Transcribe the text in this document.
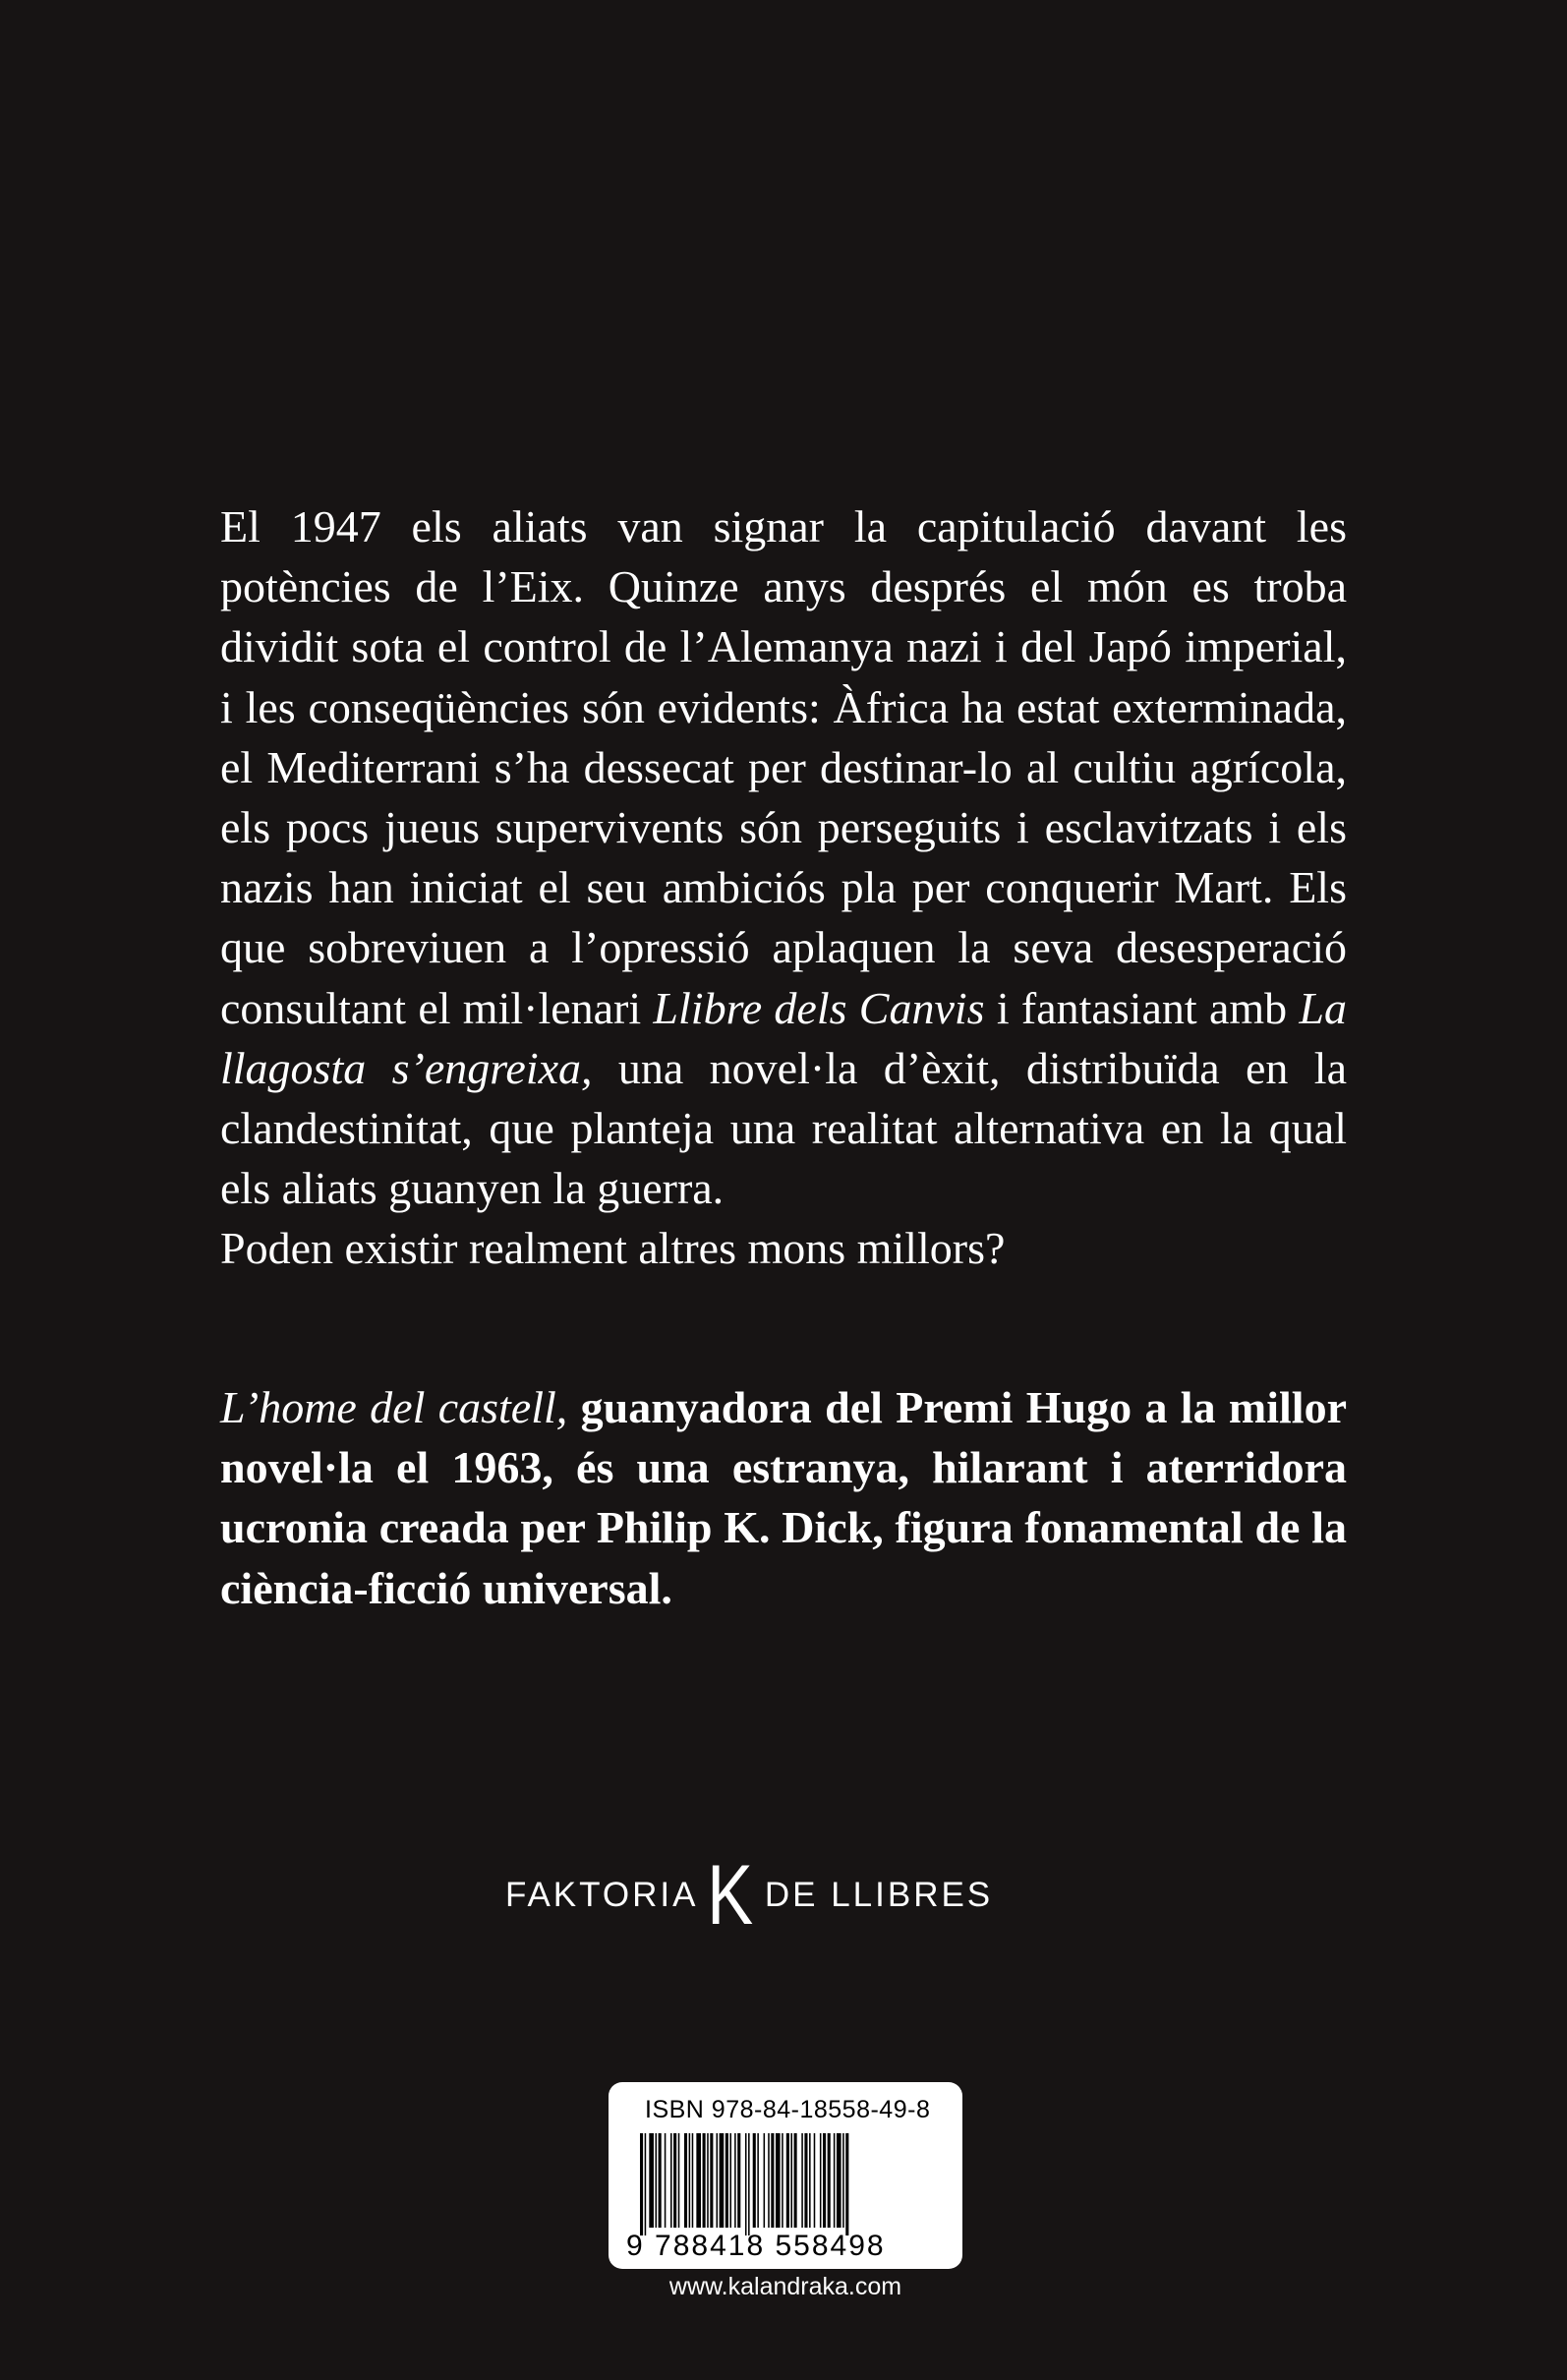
El 1947 els aliats van signar la capitulació davant les potències de l’Eix. Quinze anys després el món es troba dividit sota el control de l’Alemanya nazi i del Japó imperial, i les conseqüències són evidents: Àfrica ha estat exterminada, el Mediterrani s’ha dessecat per destinar-lo al cultiu agrícola, els pocs jueus supervivents són perseguits i esclavitzats i els nazis han iniciat el seu ambiciós pla per conquerir Mart. Els que sobreviuen a l’opressió aplaquen la seva desesperació consultant el mil·lenari Llibre dels Canvis i fantasiant amb La llagosta s’engreixa, una novel·la d’èxit, distribuïda en la clandestinitat, que planteja una realitat alternativa en la qual els aliats guanyen la guerra.

Poden existir realment altres mons millors?

L’home del castell, guanyadora del Premi Hugo a la millor novel·la el 1963, és una estranya, hilarant i aterridora ucronia creada per Philip K. Dick, figura fonamental de la ciència-ficció universal.
FAKTORIA K DE LLIBRES
ISBN 978-84-18558-49-8
9 788418 558498
www.kalandraka.com
